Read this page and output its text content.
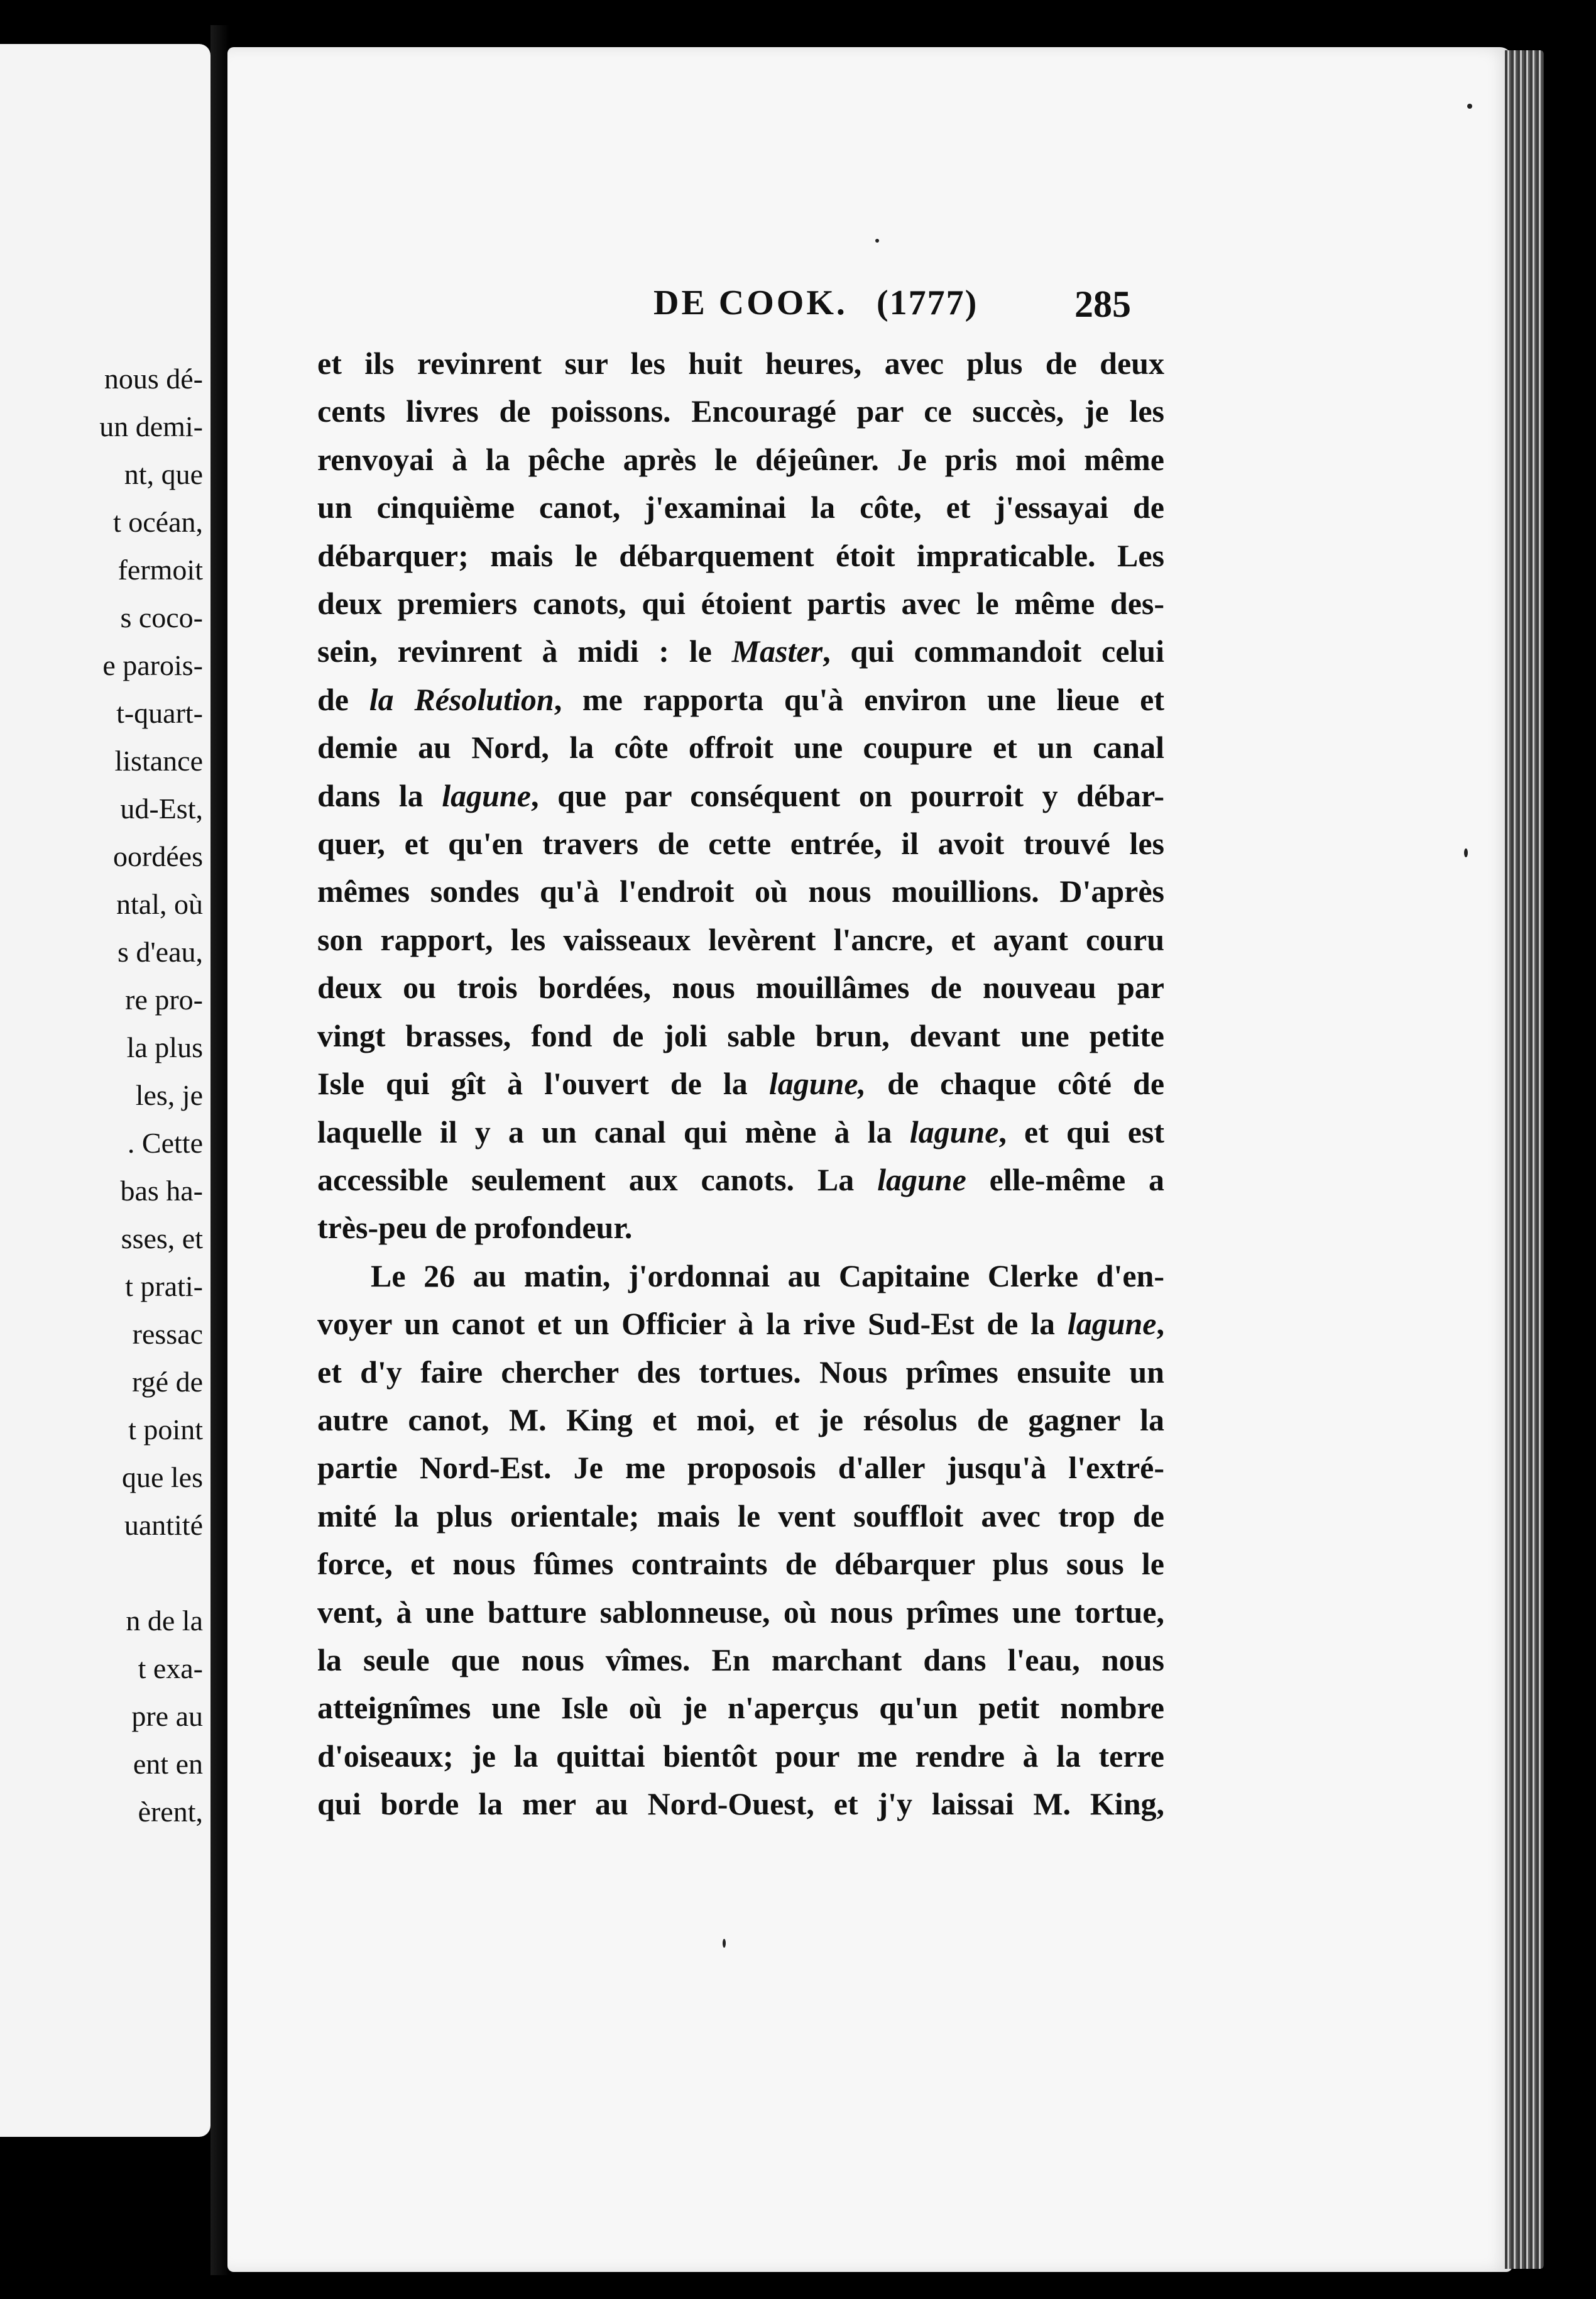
nous dé-
un demi-
nt, que
t océan,
fermoit
s coco-
e parois-
t-quart-
listance
ud-Est,
oordées
ntal, où
s d'eau,
re pro-
la plus
les, je
. Cette
bas ha-
sses, et
t prati-
ressac
rgé de
t point
que les
uantité
n de la
t exa-
pre au
ent en
èrent,
DE COOK. (1777)	285

et ils revinrent sur les huit heures, avec plus de deux

cents livres de poissons. Encouragé par ce succès, je les

renvoyai à la pêche après le déjeûner. Je pris moi même

un cinquième canot, j'examinai la côte, et j'essayai de

débarquer; mais le débarquement étoit impraticable. Les

deux premiers canots, qui étoient partis avec le même des-

sein, revinrent à midi : le Master, qui commandoit celui

de la Résolution, me rapporta qu'à environ une lieue et

demie au Nord, la côte offroit une coupure et un canal

dans la lagune, que par conséquent on pourroit y débar-

quer, et qu'en travers de cette entrée, il avoit trouvé les

mêmes sondes qu'à l'endroit où nous mouillions. D'après

son rapport, les vaisseaux levèrent l'ancre, et ayant couru

deux ou trois bordées, nous mouillâmes de nouveau par

vingt brasses, fond de joli sable brun, devant une petite

Isle qui gît à l'ouvert de la lagune, de chaque côté de

laquelle il y a un canal qui mène à la lagune, et qui est

accessible seulement aux canots. La lagune elle-même a

très-peu de profondeur.

Le 26 au matin, j'ordonnai au Capitaine Clerke d'en-

voyer un canot et un Officier à la rive Sud-Est de la lagune,

et d'y faire chercher des tortues. Nous prîmes ensuite un

autre canot, M. King et moi, et je résolus de gagner la

partie Nord-Est. Je me proposois d'aller jusqu'à l'extré-

mité la plus orientale; mais le vent souffloit avec trop de

force, et nous fûmes contraints de débarquer plus sous le

vent, à une batture sablonneuse, où nous prîmes une tortue,

la seule que nous vîmes. En marchant dans l'eau, nous

atteignîmes une Isle où je n'aperçus qu'un petit nombre

d'oiseaux; je la quittai bientôt pour me rendre à la terre

qui borde la mer au Nord-Ouest, et j'y laissai M. King,
